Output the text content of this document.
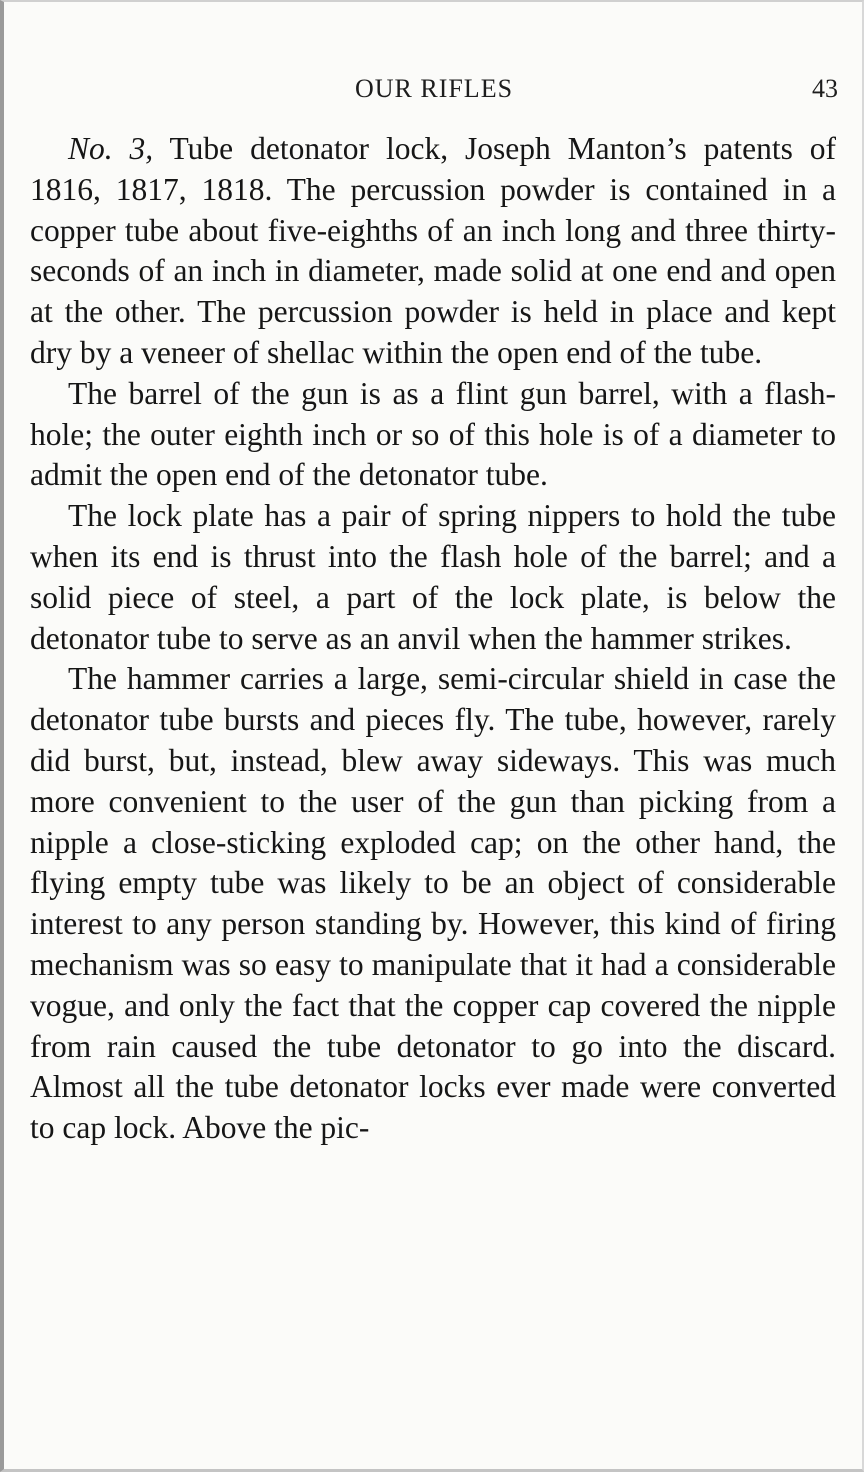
OUR RIFLES	43

No. 3, Tube detonator lock, Joseph Manton’s patents of 1816, 1817, 1818. The percussion powder is contained in a copper tube about five-eighths of an inch long and three thirty-seconds of an inch in diameter, made solid at one end and open at the other. The percussion powder is held in place and kept dry by a veneer of shellac within the open end of the tube.

The barrel of the gun is as a flint gun barrel, with a flash-hole; the outer eighth inch or so of this hole is of a diameter to admit the open end of the detonator tube.

The lock plate has a pair of spring nippers to hold the tube when its end is thrust into the flash hole of the barrel; and a solid piece of steel, a part of the lock plate, is below the detonator tube to serve as an anvil when the hammer strikes.

The hammer carries a large, semi-circular shield in case the detonator tube bursts and pieces fly. The tube, however, rarely did burst, but, instead, blew away sideways. This was much more convenient to the user of the gun than picking from a nipple a close-sticking exploded cap; on the other hand, the flying empty tube was likely to be an object of considerable interest to any person standing by. However, this kind of firing mechanism was so easy to manipulate that it had a considerable vogue, and only the fact that the copper cap covered the nipple from rain caused the tube detonator to go into the discard. Almost all the tube detonator locks ever made were converted to cap lock. Above the pic-
